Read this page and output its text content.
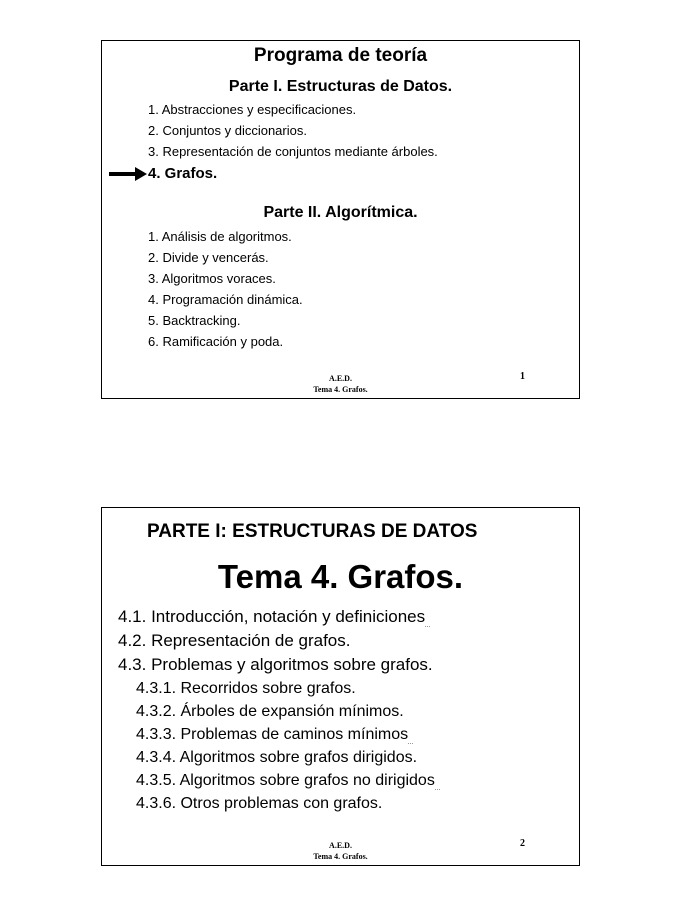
Programa de teoría
Parte I. Estructuras de Datos.
1. Abstracciones y especificaciones.
2. Conjuntos y diccionarios.
3. Representación de conjuntos mediante árboles.
4. Grafos.
Parte II. Algorítmica.
1. Análisis de algoritmos.
2. Divide y vencerás.
3. Algoritmos voraces.
4. Programación dinámica.
5. Backtracking.
6. Ramificación y poda.
A.E.D.
Tema 4. Grafos.
1
PARTE I: ESTRUCTURAS DE DATOS
Tema 4. Grafos.
4.1. Introducción, notación y definiciones
4.2. Representación de grafos.
4.3. Problemas y algoritmos sobre grafos.
4.3.1. Recorridos sobre grafos.
4.3.2. Árboles de expansión mínimos.
4.3.3. Problemas de caminos mínimos
4.3.4. Algoritmos sobre grafos dirigidos.
4.3.5. Algoritmos sobre grafos no dirigidos
4.3.6. Otros problemas con grafos.
A.E.D.
Tema 4. Grafos.
2
